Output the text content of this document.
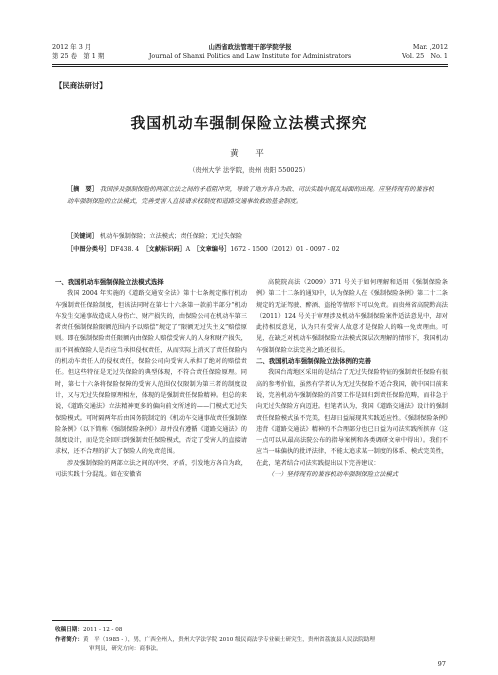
2012 年 3 月
第 25 卷　第 1 期
山西省政法管理干部学院学报
Journal of Shanxi Politics and Law Institute for Administrators
Mar. ,2012
Vol. 25　No. 1
【民商法研讨】
我国机动车强制保险立法模式探究
黄　平
（贵州大学 法学院，贵州 贵阳 550025）
［摘　要］ 我国涉及强制保险的两部立法之间的矛盾阻冲突，导致了地方各自为政、司法实践中混乱局面的出现。应坚持现有的兼容机动车强制保险的立法模式，完善受害人直接请求权制度和道路交通事故救助基金制度。
［关键词］ 机动车强制保险；立法模式；责任保险；无过失保险
［中图分类号］DF438. 4　 ［文献标识码］A　 ［文章编号］1672 - 1500（2012）01 - 0097 - 02
一、我国机动车强制保险立法模式选择

我国 2004 年实施的《道路交通安全法》第十七条规定推行机动车强制责任保险制度，但该法同时在第七十六条第一款前半部分“机动车发生交通事故造成人身伤亡、财产损失的，由保险公司在机动车第三者责任强制保险限额范围内予以赔偿”规定了“限额无过失主义”赔偿原则。即在强制保险责任限额内由保险人赔偿受害人的人身和财产损失，而不问被保险人是否应当承担侵权责任，从而实际上消灭了责任保险内的机动车责任人的侵权责任，保险公司向受害人承担了绝对的赔偿责任。但这些特征是无过失保险的典型体现，不符合责任保险原理。同时，第七十六条将保险保障的受害人范围仅仅限制为第三者的制度设计，又与无过失保险原理相左，体现的是强制责任保险精神。但总的来说，《道路交通法》立法精神更多的偏向前文所述的——门模式无过失保险模式。可时隔两年后由国务院制定的《机动车交通事故责任强制保险条例》（以下简称《强制保险条例》）却并没有遵循《道路交通法》的制度设计，而是完全回归到强制责任保险模式，否定了受害人的直接请求权，还不合理的扩大了保险人的免责范围。

涉及强制保险的两部立法之间的冲突、矛盾，引发地方各自为政，司法实践十分混乱。如在安徽省

高院院高法（2009）371 号关于如何理解和适用《强制保险条例》第二十二条的通知中，认为保险人在《强制保险条例》第二十二条规定的无证驾驶、醉酒、盗抢等情形下可以免责。而贵州省高院黔高法（2011）124 号关于审理涉及机动车强制保险案件适法意见中，却对此持相反意见，认为只有受害人故意才是保险人的唯一免责理由。可见，在缺乏对机动车强制保险立法模式深层次理解的情形下，我国机动车强制保险立法完善之路还很长。

二、我国机动车强制保险立法体例的完善

我国台湾地区采用的是结合了无过失保险特征的强制责任保险有很高的参考价值，虽然有学者认为无过失保险不适合我国，就中国目前来说，完善机动车强制保险的首要工作是回归到责任保险范畴，而非急于向无过失保险方向迈进。但笔者认为，我国《道路交通法》设计的强制责任保险模式虽不完美，但却日益展现其实践适应性。《强制保险条例》违背《道路交通法》精神的不合理部分也已日益为司法实践所摈弃（这一点可以从最高法院公布的指导案例和各类调研文章中得出）。我们不应当一味偏执的批评法律，不能太追求某一制度的体系、模式完美性，在此，笔者结合司法实践提出以下完善建议：

（一）坚持现有的兼容机动车强制保险立法模式
收稿日期：2011 - 12 - 08
作者简介：黄　平（1985 - ），男，广西全州人，贵州大学法学院 2010 级民商法学专业硕士研究生，贵州省荔波县人民法院助理
审判员，研究方向：商事法。
97
